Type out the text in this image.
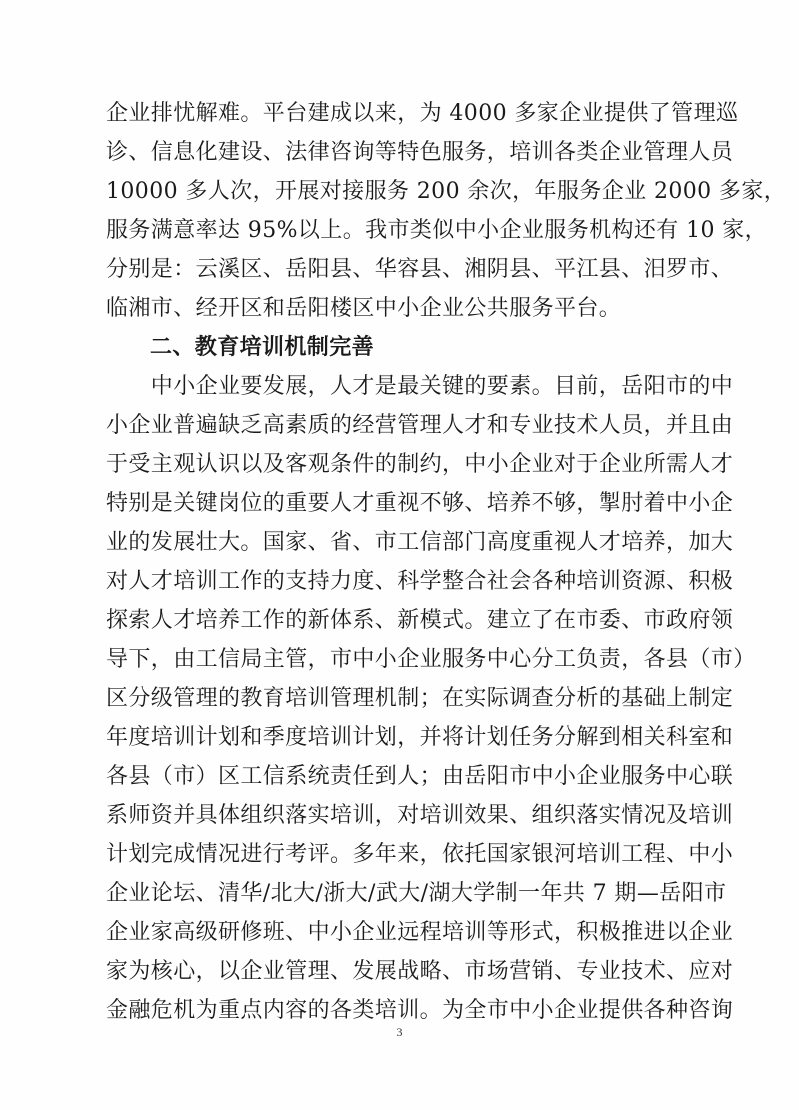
企业排忧解难。平台建成以来，为 4000 多家企业提供了管理巡
诊、信息化建设、法律咨询等特色服务，培训各类企业管理人员
10000 多人次，开展对接服务 200 余次，年服务企业 2000 多家，
服务满意率达 95%以上。我市类似中小企业服务机构还有 10 家，
分别是：云溪区、岳阳县、华容县、湘阴县、平江县、汨罗市、
临湘市、经开区和岳阳楼区中小企业公共服务平台。
二、教育培训机制完善
　　中小企业要发展，人才是最关键的要素。目前，岳阳市的中
小企业普遍缺乏高素质的经营管理人才和专业技术人员，并且由
于受主观认识以及客观条件的制约，中小企业对于企业所需人才
特别是关键岗位的重要人才重视不够、培养不够，掣肘着中小企
业的发展壮大。国家、省、市工信部门高度重视人才培养，加大
对人才培训工作的支持力度、科学整合社会各种培训资源、积极
探索人才培养工作的新体系、新模式。建立了在市委、市政府领
导下，由工信局主管，市中小企业服务中心分工负责，各县（市）
区分级管理的教育培训管理机制；在实际调查分析的基础上制定
年度培训计划和季度培训计划，并将计划任务分解到相关科室和
各县（市）区工信系统责任到人；由岳阳市中小企业服务中心联
系师资并具体组织落实培训，对培训效果、组织落实情况及培训
计划完成情况进行考评。多年来，依托国家银河培训工程、中小
企业论坛、清华/北大/浙大/武大/湖大学制一年共 7 期—岳阳市
企业家高级研修班、中小企业远程培训等形式，积极推进以企业
家为核心，以企业管理、发展战略、市场营销、专业技术、应对
金融危机为重点内容的各类培训。为全市中小企业提供各种咨询
3
